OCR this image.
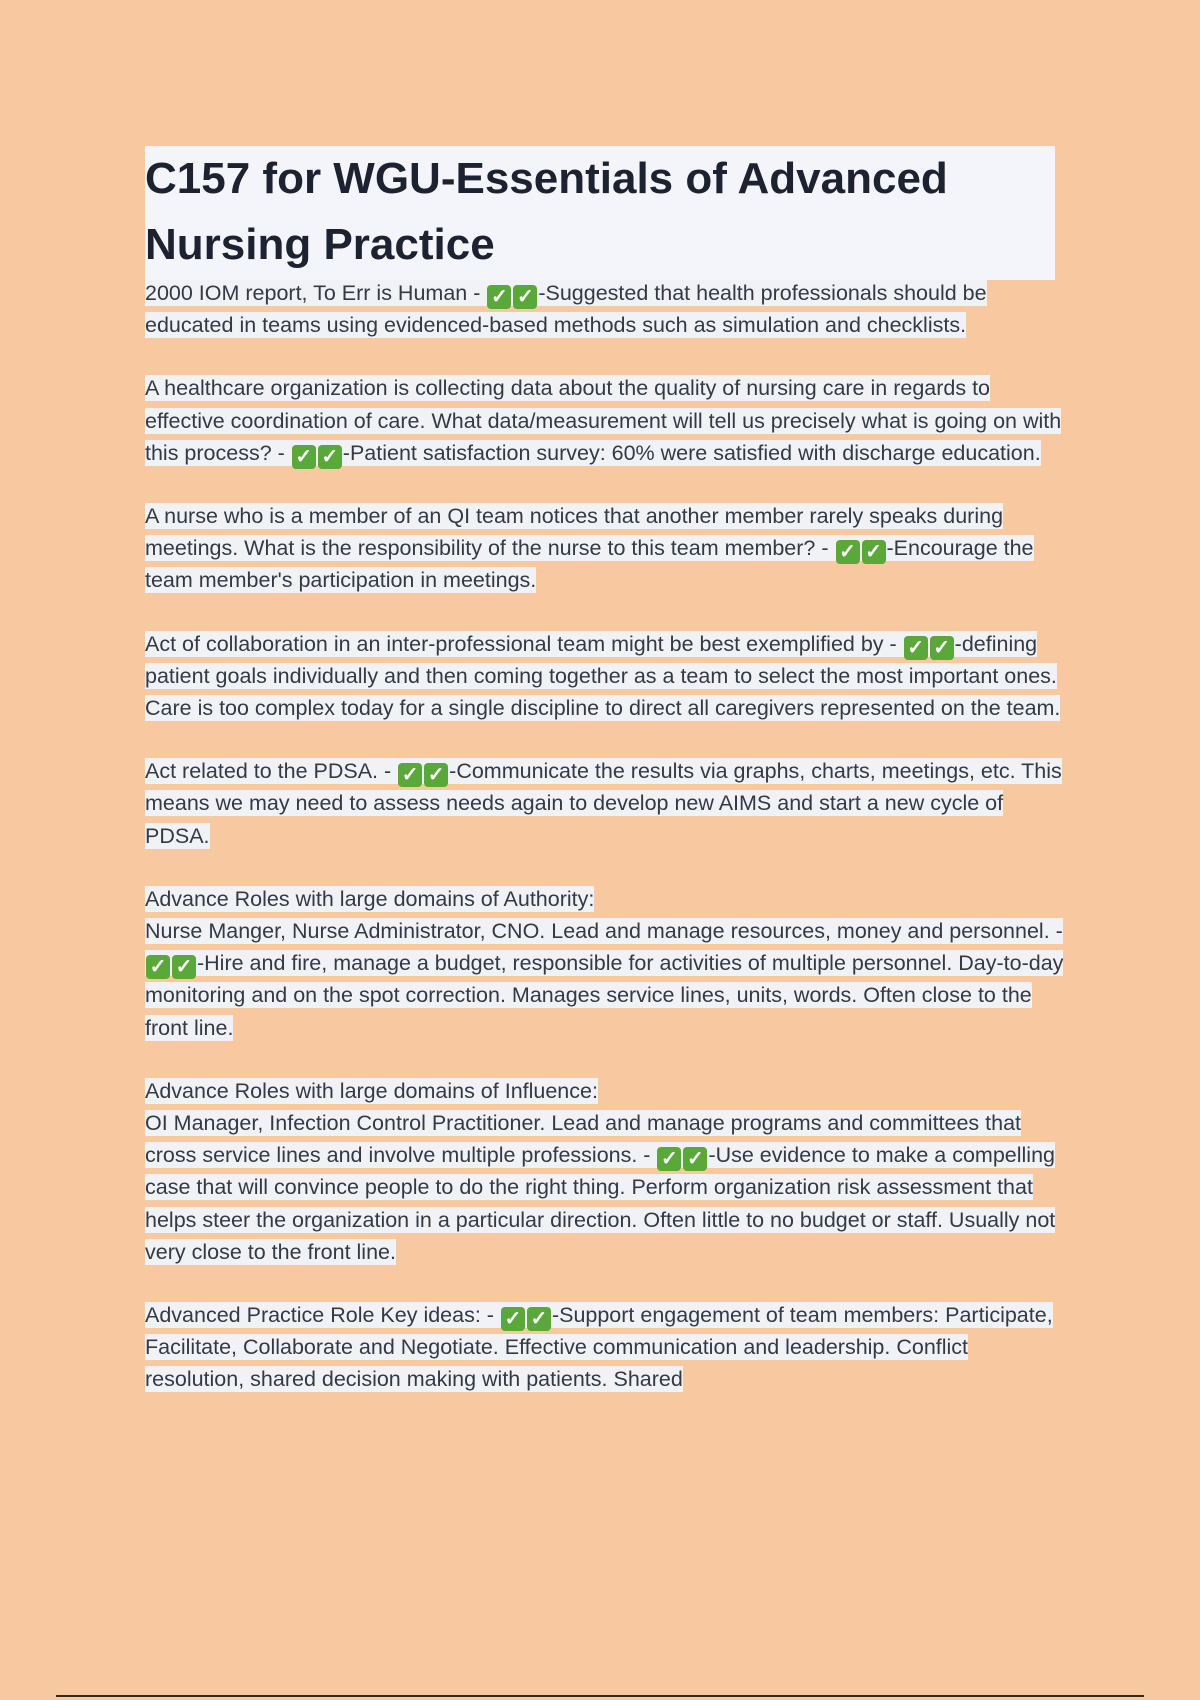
C157 for WGU-Essentials of Advanced Nursing Practice

2000 IOM report, To Err is Human - ✓ ✓ -Suggested that health professionals should be educated in teams using evidenced-based methods such as simulation and checklists.

A healthcare organization is collecting data about the quality of nursing care in regards to effective coordination of care. What data/measurement will tell us precisely what is going on with this process? - ✓ ✓ -Patient satisfaction survey: 60% were satisfied with discharge education.

A nurse who is a member of an QI team notices that another member rarely speaks during meetings. What is the responsibility of the nurse to this team member? - ✓ ✓ -Encourage the team member's participation in meetings.

Act of collaboration in an inter-professional team might be best exemplified by - ✓ ✓ -defining patient goals individually and then coming together as a team to select the most important ones. Care is too complex today for a single discipline to direct all caregivers represented on the team.

Act related to the PDSA. - ✓ ✓ -Communicate the results via graphs, charts, meetings, etc. This means we may need to assess needs again to develop new AIMS and start a new cycle of PDSA.

Advance Roles with large domains of Authority:
Nurse Manger, Nurse Administrator, CNO. Lead and manage resources, money and personnel. - ✓ ✓ -Hire and fire, manage a budget, responsible for activities of multiple personnel. Day-to-day monitoring and on the spot correction. Manages service lines, units, words. Often close to the front line.

Advance Roles with large domains of Influence:
OI Manager, Infection Control Practitioner. Lead and manage programs and committees that cross service lines and involve multiple professions. - ✓ ✓ -Use evidence to make a compelling case that will convince people to do the right thing. Perform organization risk assessment that helps steer the organization in a particular direction. Often little to no budget or staff. Usually not very close to the front line.

Advanced Practice Role Key ideas: - ✓ ✓ -Support engagement of team members: Participate, Facilitate, Collaborate and Negotiate. Effective communication and leadership. Conflict resolution, shared decision making with patients. Shared
